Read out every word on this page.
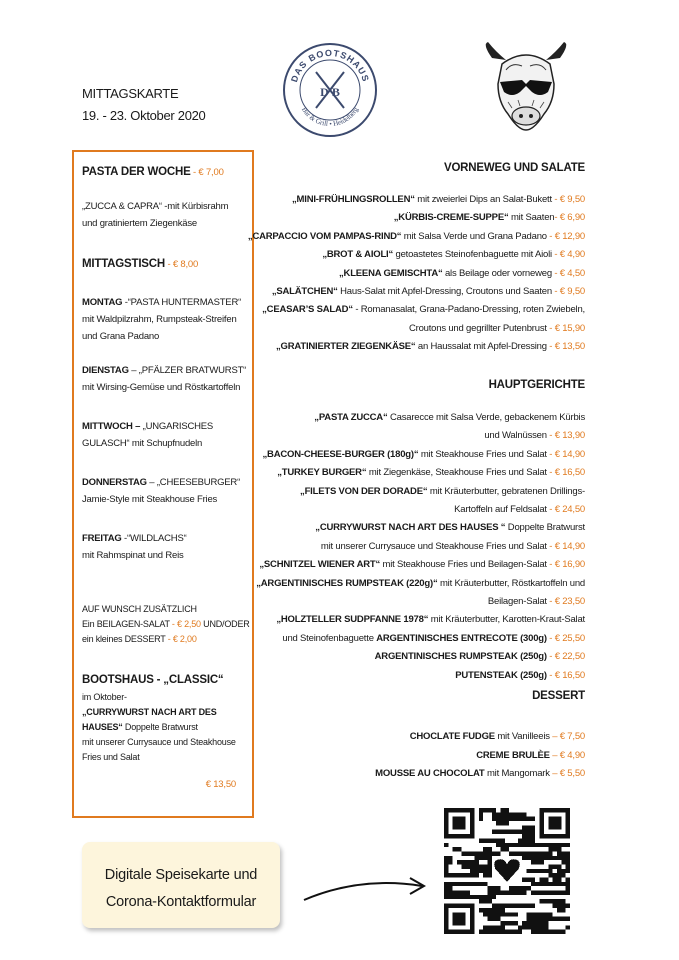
MITTAGSKARTE
19. - 23. Oktober 2020
DAS BOOTSHAUS
Bar & Grill • Heidelberg
D B
PASTA DER WOCHE - € 7,00
„ZUCCA & CAPRA“ -mit Kürbisrahm
und gratiniertem Ziegenkäse
MITTAGSTISCH - € 8,00
MONTAG -“PASTA HUNTERMASTER“
mit Waldpilzrahm, Rumpsteak-Streifen
und Grana Padano
DIENSTAG – „PFÄLZER BRATWURST“
mit Wirsing-Gemüse und Röstkartoffeln
MITTWOCH – „UNGARISCHES
GULASCH“ mit Schupfnudeln
DONNERSTAG – „CHEESEBURGER“
Jamie-Style mit Steakhouse Fries
FREITAG -“WILDLACHS“
mit Rahmspinat und Reis
AUF WUNSCH ZUSÄTZLICH
Ein BEILAGEN-SALAT - € 2,50 UND/ODER
ein kleines DESSERT - € 2,00
BOOTSHAUS - „CLASSIC“
im Oktober-
„CURRYWURST NACH ART DES
HAUSES“ Doppelte Bratwurst
mit unserer Currysauce und Steakhouse
Fries und Salat
€ 13,50
VORNEWEG UND SALATE
„MINI-FRÜHLINGSROLLEN“ mit zweierlei Dips an Salat-Bukett - € 9,50
„KÜRBIS-CREME-SUPPE“ mit Saaten- € 6,90
„CARPACCIO VOM PAMPAS-RIND“ mit Salsa Verde und Grana Padano - € 12,90
„BROT & AIOLI“ getoastetes Steinofenbaguette mit Aioli - € 4,90
„KLEENA GEMISCHTA“ als Beilage oder vorneweg - € 4,50
„SALÄTCHEN“ Haus-Salat mit Apfel-Dressing, Croutons und Saaten - € 9,50
„CEASAR’S SALAD“ - Romanasalat, Grana-Padano-Dressing, roten Zwiebeln,
Croutons und gegrillter Putenbrust - € 15,90
„GRATINIERTER ZIEGENKÄSE“ an Haussalat mit Apfel-Dressing - € 13,50
HAUPTGERICHTE
„PASTA ZUCCA“ Casarecce mit Salsa Verde, gebackenem Kürbis
und Walnüssen - € 13,90
„BACON-CHEESE-BURGER (180g)“ mit Steakhouse Fries und Salat - € 14,90
„TURKEY BURGER“ mit Ziegenkäse, Steakhouse Fries und Salat - € 16,50
„FILETS VON DER DORADE“ mit Kräuterbutter, gebratenen Drillings-
Kartoffeln auf Feldsalat - € 24,50
„CURRYWURST NACH ART DES HAUSES “ Doppelte Bratwurst
mit unserer Currysauce und Steakhouse Fries und Salat - € 14,90
„SCHNITZEL WIENER ART“ mit Steakhouse Fries und Beilagen-Salat - € 16,90
„ARGENTINISCHES RUMPSTEAK (220g)“ mit Kräuterbutter, Röstkartoffeln und
Beilagen-Salat - € 23,50
„HOLZTELLER SUDPFANNE 1978“ mit Kräuterbutter, Karotten-Kraut-Salat
und Steinofenbaguette ARGENTINISCHES ENTRECOTE (300g) - € 25,50
ARGENTINISCHES RUMPSTEAK (250g) - € 22,50
PUTENSTEAK (250g) - € 16,50
DESSERT
CHOCLATE FUDGE mit Vanilleeis – € 7,50
CREME BRULÈE – € 4,90
MOUSSE AU CHOCOLAT mit Mangomark – € 5,50
Digitale Speisekarte und
Corona-Kontaktformular
